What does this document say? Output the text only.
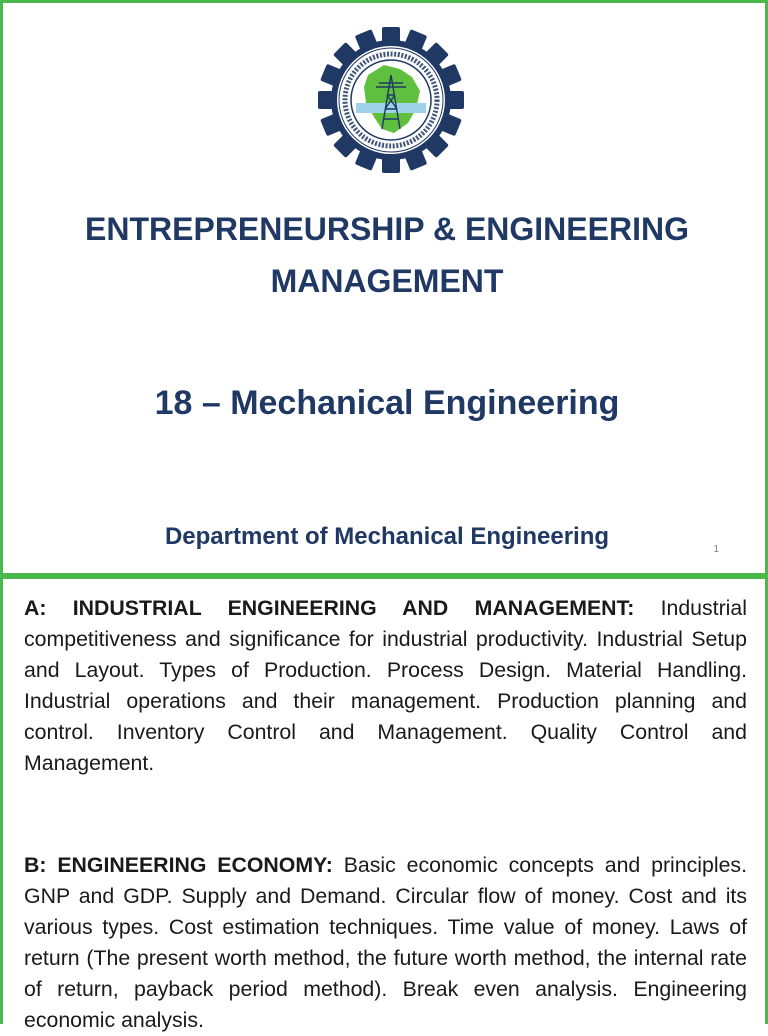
ENTREPRENEURSHIP & ENGINEERING MANAGEMENT
18 – Mechanical Engineering
Department of Mechanical Engineering	1

A: INDUSTRIAL ENGINEERING AND MANAGEMENT: Industrial competitiveness and significance for industrial productivity. Industrial Setup and Layout. Types of Production. Process Design. Material Handling. Industrial operations and their management. Production planning and control. Inventory Control and Management. Quality Control and Management.

B: ENGINEERING ECONOMY: Basic economic concepts and principles. GNP and GDP. Supply and Demand. Circular flow of money. Cost and its various types. Cost estimation techniques. Time value of money. Laws of return (The present worth method, the future worth method, the internal rate of return, payback period method). Break even analysis. Engineering economic analysis.
